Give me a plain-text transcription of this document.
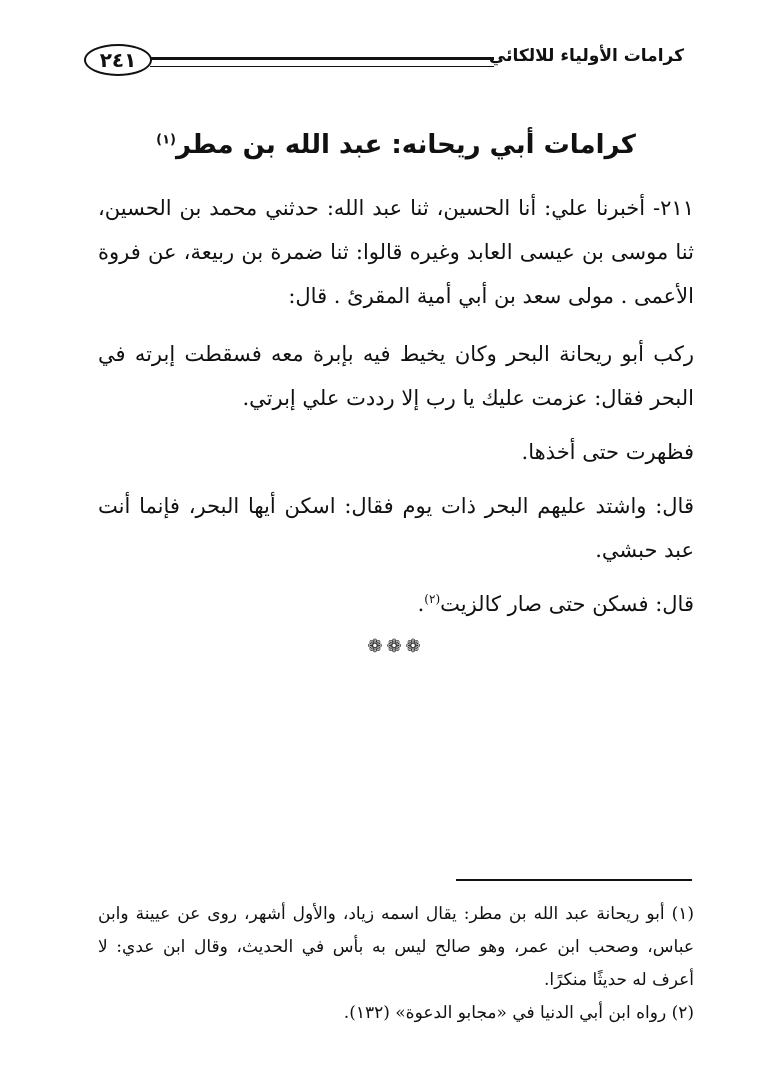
٢٤١	كرامات الأولياء للالكائي
كرامات أبي ريحانه: عبد الله بن مطر$^{(١)}$

٢١١- أخبرنا علي: أنا الحسين، ثنا عبد الله: حدثني محمد بن الحسين، ثنا موسى بن عيسى العابد وغيره قالوا: ثنا ضمرة بن ربيعة، عن فروة الأعمى . مولى سعد بن أبي أمية المقرئ . قال:

ركب أبو ريحانة البحر وكان يخيط فيه بإبرة معه فسقطت إبرته في البحر فقال: عزمت عليك يا رب إلا رددت علي إبرتي.

فظهرت حتى أخذها.

قال: واشتد عليهم البحر ذات يوم فقال: اسكن أيها البحر، فإنما أنت عبد حبشي.

قال: فسكن حتى صار كالزيت$^{(٢)}$.

❁❁❁

(١) أبو ريحانة عبد الله بن مطر: يقال اسمه زياد، والأول أشهر، روى عن عيينة وابن عباس، وصحب ابن عمر، وهو صالح ليس به بأس في الحديث، وقال ابن عدي: لا أعرف له حديثًا منكرًا.

(٢) رواه ابن أبي الدنيا في «مجابو الدعوة» (١٣٢).
